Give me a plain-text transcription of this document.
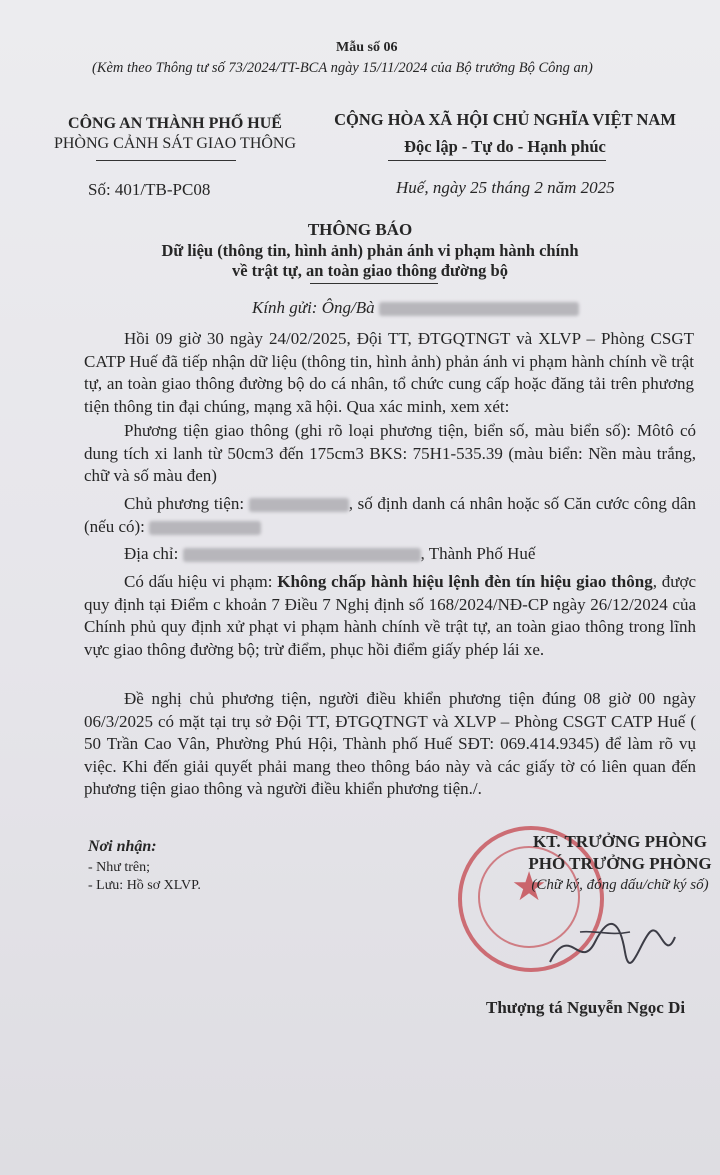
Mẫu số 06
(Kèm theo Thông tư số 73/2024/TT-BCA ngày 15/11/2024 của Bộ trưởng Bộ Công an)
CÔNG AN THÀNH PHỐ HUẾ
PHÒNG CẢNH SÁT GIAO THÔNG
Số: 401/TB-PC08
CỘNG HÒA XÃ HỘI CHỦ NGHĨA VIỆT NAM
Độc lập - Tự do - Hạnh phúc
Huế, ngày 25 tháng 2 năm 2025
THÔNG BÁO
Dữ liệu (thông tin, hình ảnh) phản ánh vi phạm hành chính
về trật tự, an toàn giao thông đường bộ
Kính gửi: Ông/Bà
Hồi 09 giờ 30 ngày 24/02/2025, Đội TT, ĐTGQTNGT và XLVP – Phòng CSGT CATP Huế đã tiếp nhận dữ liệu (thông tin, hình ảnh) phản ánh vi phạm hành chính về trật tự, an toàn giao thông đường bộ do cá nhân, tổ chức cung cấp hoặc đăng tải trên phương tiện thông tin đại chúng, mạng xã hội. Qua xác minh, xem xét:
Phương tiện giao thông (ghi rõ loại phương tiện, biển số, màu biển số): Môtô có dung tích xi lanh từ 50cm3 đến 175cm3 BKS: 75H1-535.39 (màu biển: Nền màu trắng, chữ và số màu đen)
Chủ phương tiện:	, số định danh cá nhân hoặc số Căn cước công dân (nếu có):
Địa chỉ:	, Thành Phố Huế
Có dấu hiệu vi phạm: Không chấp hành hiệu lệnh đèn tín hiệu giao thông, được quy định tại Điểm c khoản 7 Điều 7 Nghị định số 168/2024/NĐ-CP ngày 26/12/2024 của Chính phủ quy định xử phạt vi phạm hành chính về trật tự, an toàn giao thông trong lĩnh vực giao thông đường bộ; trừ điểm, phục hồi điểm giấy phép lái xe.
Đề nghị chủ phương tiện, người điều khiển phương tiện đúng 08 giờ 00 ngày 06/3/2025 có mặt tại trụ sở Đội TT, ĐTGQTNGT và XLVP – Phòng CSGT CATP Huế ( 50 Trần Cao Vân, Phường Phú Hội, Thành phố Huế SĐT: 069.414.9345) để làm rõ vụ việc. Khi đến giải quyết phải mang theo thông báo này và các giấy tờ có liên quan đến phương tiện giao thông và người điều khiển phương tiện./.
Nơi nhận:
- Như trên;
- Lưu: Hồ sơ XLVP.	★
KT. TRƯỞNG PHÒNG
PHÓ TRƯỞNG PHÒNG
(Chữ ký, đóng dấu/chữ ký số)
Thượng tá Nguyễn Ngọc Di
